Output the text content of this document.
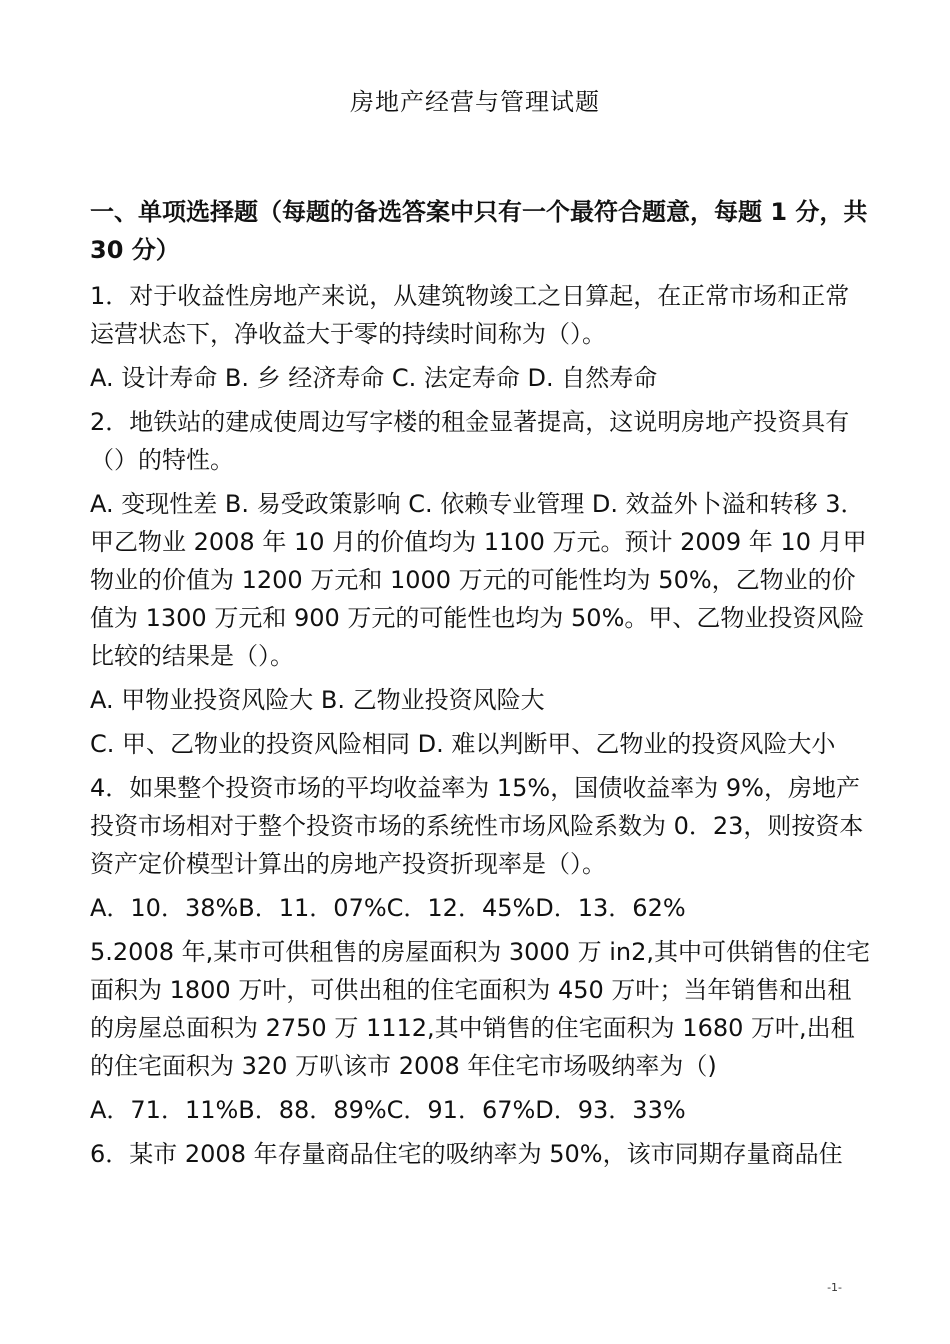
房地产经营与管理试题

一、单项选择题（每题的备选答案中只有一个最符合题意，每题 1 分，共 30 分）

1．对于收益性房地产来说，从建筑物竣工之日算起，在正常市场和正常运营状态下，净收益大于零的持续时间称为（）。

A. 设计寿命 B. 乡 经济寿命 C. 法定寿命 D. 自然寿命

2．地铁站的建成使周边写字楼的租金显著提高，这说明房地产投资具有（）的特性。

A. 变现性差 B. 易受政策影响 C. 依赖专业管理 D. 效益外卜溢和转移 3．甲乙物业 2008 年 10 月的价值均为 1100 万元。预计 2009 年 10 月甲物业的价值为 1200 万元和 1000 万元的可能性均为 50%，乙物业的价值为 1300 万元和 900 万元的可能性也均为 50%。甲、乙物业投资风险比较的结果是（）。

A. 甲物业投资风险大 B. 乙物业投资风险大

C. 甲、乙物业的投资风险相同 D. 难以判断甲、乙物业的投资风险大小

4．如果整个投资市场的平均收益率为 15%，国债收益率为 9%，房地产投资市场相对于整个投资市场的系统性市场风险系数为 0．23，则按资本资产定价模型计算出的房地产投资折现率是（）。

A．10．38%B．11．07%C．12．45%D．13．62%

5.2008 年,某市可供租售的房屋面积为 3000 万 in2,其中可供销售的住宅面积为 1800 万叶，可供出租的住宅面积为 450 万叶；当年销售和出租的房屋总面积为 2750 万 1112,其中销售的住宅面积为 1680 万叶,出租的住宅面积为 320 万叭该市 2008 年住宅市场吸纳率为（)

A．71．11%B．88．89%C．91．67%D．93．33%

6．某市 2008 年存量商品住宅的吸纳率为 50%，该市同期存量商品住

-1-
